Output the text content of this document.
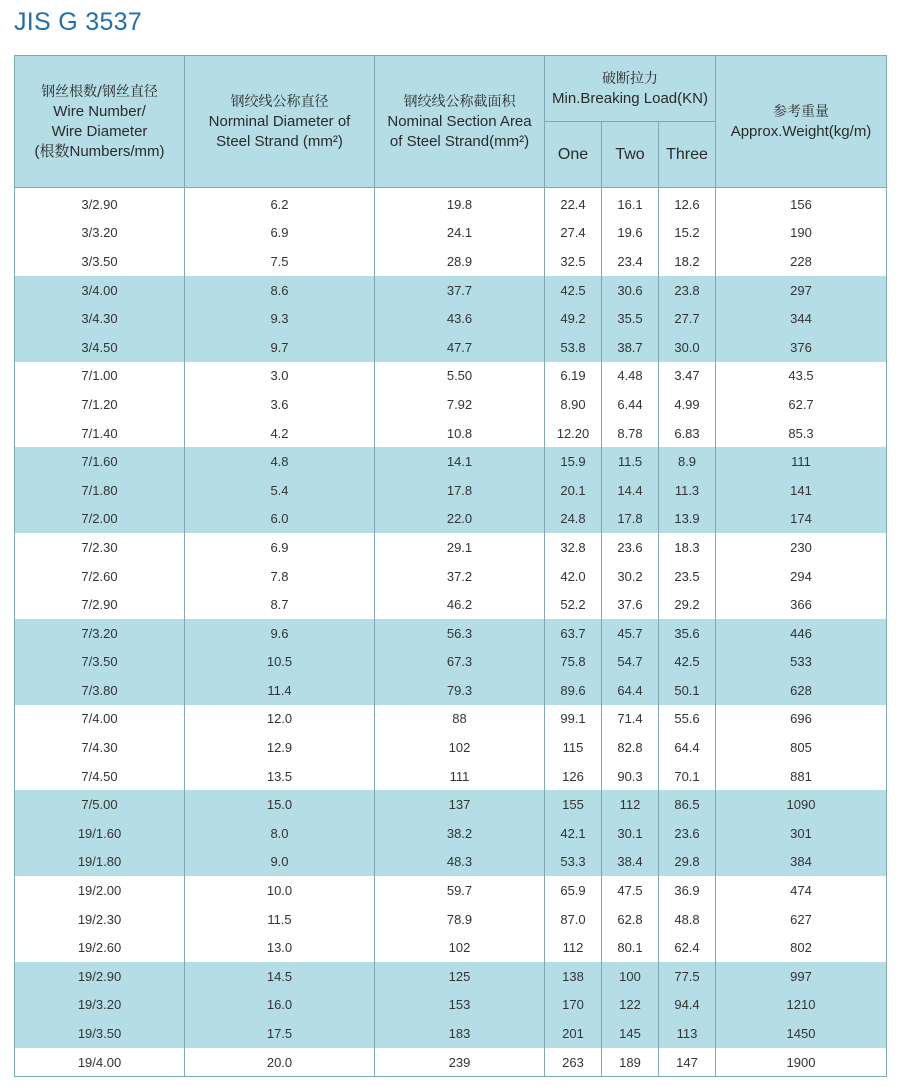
JIS G 3537
钢丝根数/钢丝直径
Wire Number/
Wire Diameter
(根数Numbers/mm)	钢绞线公称直径
Norminal Diameter of
Steel Strand (mm²)	钢绞线公称截面积
Nominal Section Area
of Steel Strand(mm²)	破断拉力
Min.Breaking Load(KN)			参考重量
Approx.Weight(kg/m)

			One	Two	Three	
3/2.90	6.2	19.8	22.4	16.1	12.6	156
3/3.20	6.9	24.1	27.4	19.6	15.2	190
3/3.50	7.5	28.9	32.5	23.4	18.2	228
3/4.00	8.6	37.7	42.5	30.6	23.8	297
3/4.30	9.3	43.6	49.2	35.5	27.7	344
3/4.50	9.7	47.7	53.8	38.7	30.0	376
7/1.00	3.0	5.50	6.19	4.48	3.47	43.5
7/1.20	3.6	7.92	8.90	6.44	4.99	62.7
7/1.40	4.2	10.8	12.20	8.78	6.83	85.3
7/1.60	4.8	14.1	15.9	11.5	8.9	111
7/1.80	5.4	17.8	20.1	14.4	11.3	141
7/2.00	6.0	22.0	24.8	17.8	13.9	174
7/2.30	6.9	29.1	32.8	23.6	18.3	230
7/2.60	7.8	37.2	42.0	30.2	23.5	294
7/2.90	8.7	46.2	52.2	37.6	29.2	366
7/3.20	9.6	56.3	63.7	45.7	35.6	446
7/3.50	10.5	67.3	75.8	54.7	42.5	533
7/3.80	11.4	79.3	89.6	64.4	50.1	628
7/4.00	12.0	88	99.1	71.4	55.6	696
7/4.30	12.9	102	115	82.8	64.4	805
7/4.50	13.5	111	126	90.3	70.1	881
7/5.00	15.0	137	155	112	86.5	1090
19/1.60	8.0	38.2	42.1	30.1	23.6	301
19/1.80	9.0	48.3	53.3	38.4	29.8	384
19/2.00	10.0	59.7	65.9	47.5	36.9	474
19/2.30	11.5	78.9	87.0	62.8	48.8	627
19/2.60	13.0	102	112	80.1	62.4	802
19/2.90	14.5	125	138	100	77.5	997
19/3.20	16.0	153	170	122	94.4	1210
19/3.50	17.5	183	201	145	113	1450
19/4.00	20.0	239	263	189	147	1900
